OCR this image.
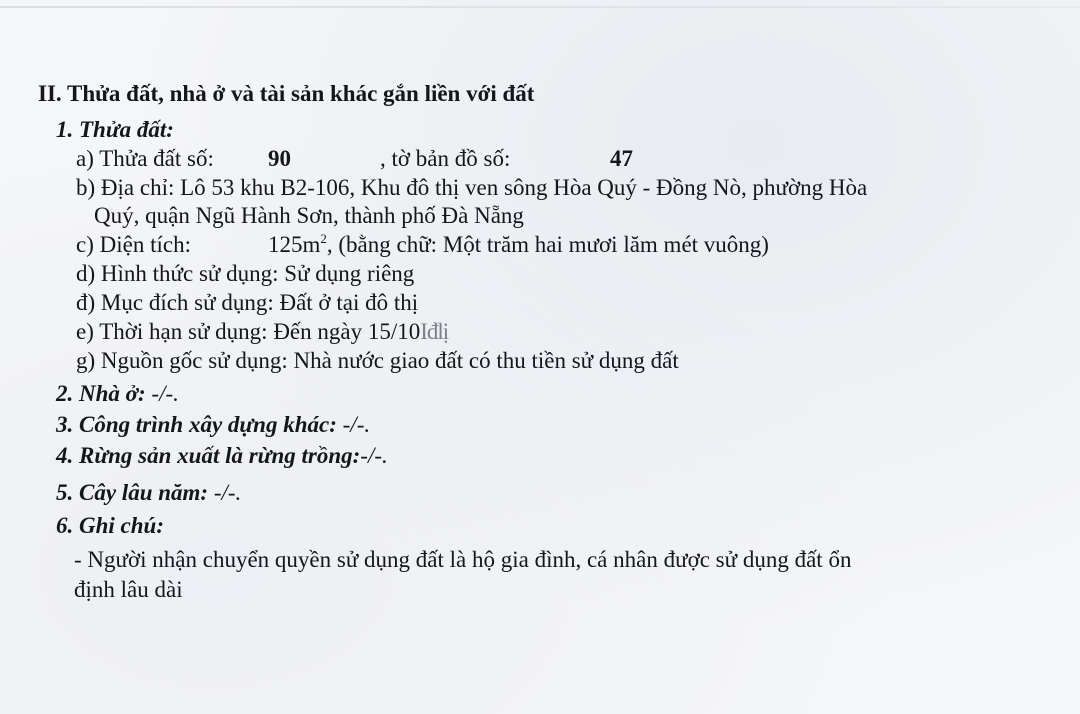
II. Thửa đất, nhà ở và tài sản khác gắn liền với đất
1. Thửa đất:
a) Thửa đất số: 90	, tờ bản đồ số:	47
b) Địa chỉ: Lô 53 khu B2-106, Khu đô thị ven sông Hòa Quý - Đồng Nò, phường Hòa
Quý, quận Ngũ Hành Sơn, thành phố Đà Nẵng
c) Diện tích:	$125m^2$, (bằng chữ: Một trăm hai mươi lăm mét vuông)
d) Hình thức sử dụng: Sử dụng riêng
đ) Mục đích sử dụng: Đất ở tại đô thị
e) Thời hạn sử dụng: Đến ngày 15/10Iđlị
g) Nguồn gốc sử dụng: Nhà nước giao đất có thu tiền sử dụng đất
2. Nhà ở: -/-.
3. Công trình xây dựng khác: -/-.
4. Rừng sản xuất là rừng trồng:-/-.
5. Cây lâu năm: -/-.
6. Ghi chú:
- Người nhận chuyển quyền sử dụng đất là hộ gia đình, cá nhân được sử dụng đất ổn
định lâu dài
